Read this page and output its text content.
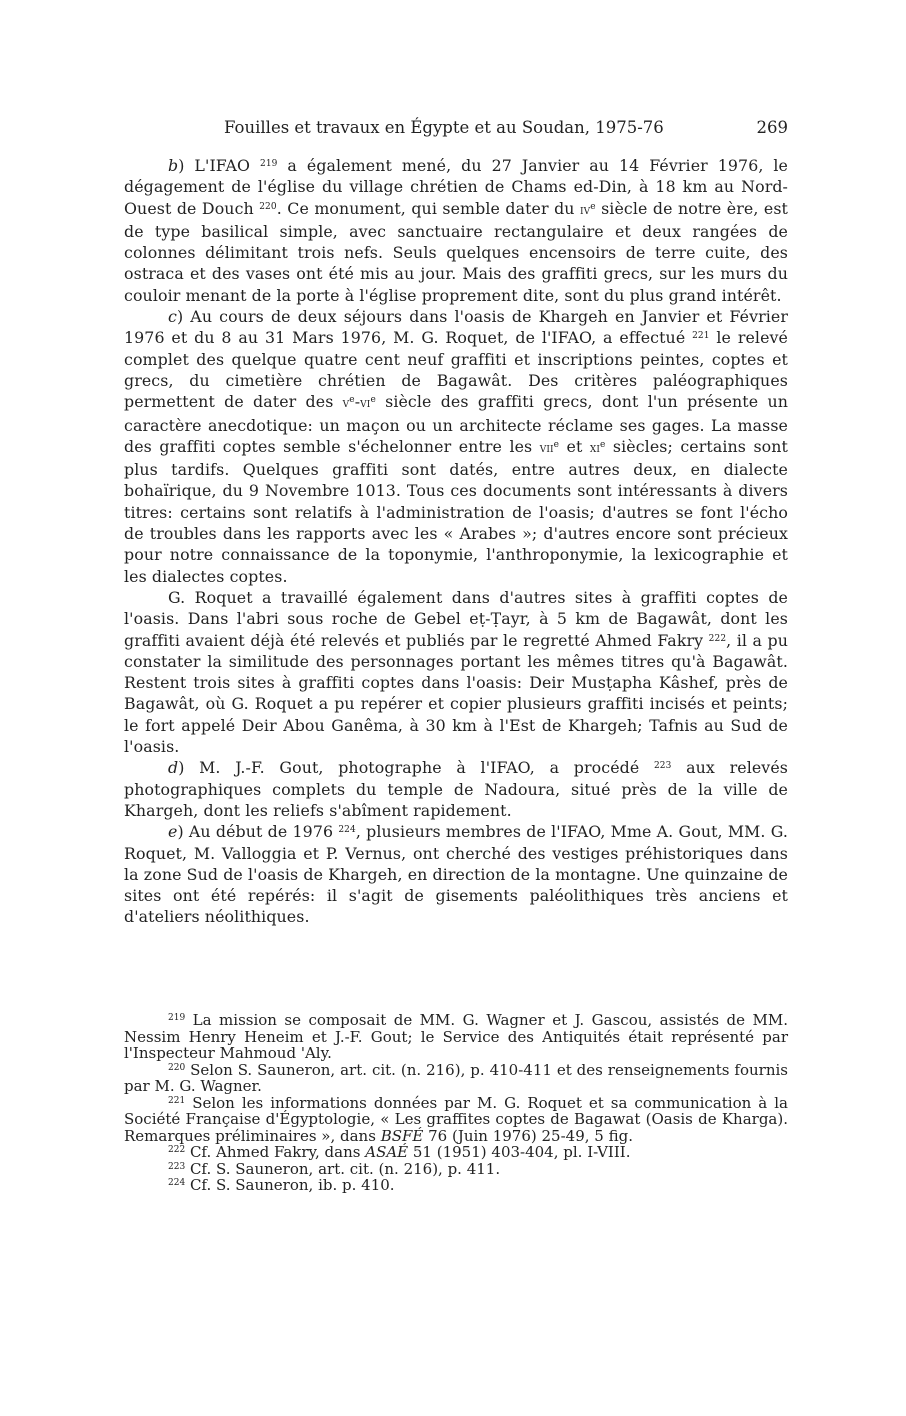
Fouilles et travaux en Égypte et au Soudan, 1975-76	269

b) L'IFAO $^{219}$ a également mené, du 27 Janvier au 14 Février 1976, le dégagement de l'église du village chrétien de Chams ed-Din, à 18 km au Nord-Ouest de Douch $^{220}$. Ce monument, qui semble dater du $iv^e$ siècle de notre ère, est de type basilical simple, avec sanctuaire rectangulaire et deux rangées de colonnes délimitant trois nefs. Seuls quelques encensoirs de terre cuite, des ostraca et des vases ont été mis au jour. Mais des graffiti grecs, sur les murs du couloir menant de la porte à l'église proprement dite, sont du plus grand intérêt.

c) Au cours de deux séjours dans l'oasis de Khargeh en Janvier et Février 1976 et du 8 au 31 Mars 1976, M. G. Roquet, de l'IFAO, a effectué $^{221}$ le relevé complet des quelque quatre cent neuf graffiti et inscriptions peintes, coptes et grecs, du cimetière chrétien de Bagawât. Des critères paléographiques permettent de dater des $v^e-vi^e$ siècle des graffiti grecs, dont l'un présente un caractère anecdotique: un maçon ou un architecte réclame ses gages. La masse des graffiti coptes semble s'échelonner entre les vii$^e$ et $xi^e$ siècles; certains sont plus tardifs. Quelques graffiti sont datés, entre autres deux, en dialecte bohaïrique, du 9 Novembre 1013. Tous ces documents sont intéressants à divers titres: certains sont relatifs à l'administration de l'oasis; d'autres se font l'écho de troubles dans les rapports avec les « Arabes »; d'autres encore sont précieux pour notre connaissance de la toponymie, l'anthroponymie, la lexicographie et les dialectes coptes.

G. Roquet a travaillé également dans d'autres sites à graffiti coptes de l'oasis. Dans l'abri sous roche de Gebel eṭ-Ṭayr, à 5 km de Bagawât, dont les graffiti avaient déjà été relevés et publiés par le regretté Ahmed Fakry $^{222}$, il a pu constater la similitude des personnages portant les mêmes titres qu'à Bagawât. Restent trois sites à graffiti coptes dans l'oasis: Deir Musṭapha Kâshef, près de Bagawât, où G. Roquet a pu repérer et copier plusieurs graffiti incisés et peints; le fort appelé Deir Abou Ganêma, à 30 km à l'Est de Khargeh; Tafnis au Sud de l'oasis.

d) M. J.-F. Gout, photographe à l'IFAO, a procédé $^{223}$ aux relevés photographiques complets du temple de Nadoura, situé près de la ville de Khargeh, dont les reliefs s'abîment rapidement.

e) Au début de 1976 $^{224}$, plusieurs membres de l'IFAO, Mme A. Gout, MM. G. Roquet, M. Valloggia et P. Vernus, ont cherché des vestiges préhistoriques dans la zone Sud de l'oasis de Khargeh, en direction de la montagne. Une quinzaine de sites ont été repérés: il s'agit de gisements paléolithiques très anciens et d'ateliers néolithiques.

$^{219}$ La mission se composait de MM. G. Wagner et J. Gascou, assistés de MM. Nessim Henry Heneim et J.-F. Gout; le Service des Antiquités était représenté par l'Inspecteur Mahmoud 'Aly.

$^{220}$ Selon S. Sauneron, art. cit. (n. 216), p. 410-411 et des renseignements fournis par M. G. Wagner.

$^{221}$ Selon les informations données par M. G. Roquet et sa communication à la Société Française d'Égyptologie, « Les graffites coptes de Bagawat (Oasis de Kharga). Remarques préliminaires », dans BSFÉ 76 (Juin 1976) 25-49, 5 fig.

$^{222}$ Cf. Ahmed Fakry, dans ASAÉ 51 (1951) 403-404, pl. I-VIII.

$^{223}$ Cf. S. Sauneron, art. cit. (n. 216), p. 411.

$^{224}$ Cf. S. Sauneron, ib. p. 410.
